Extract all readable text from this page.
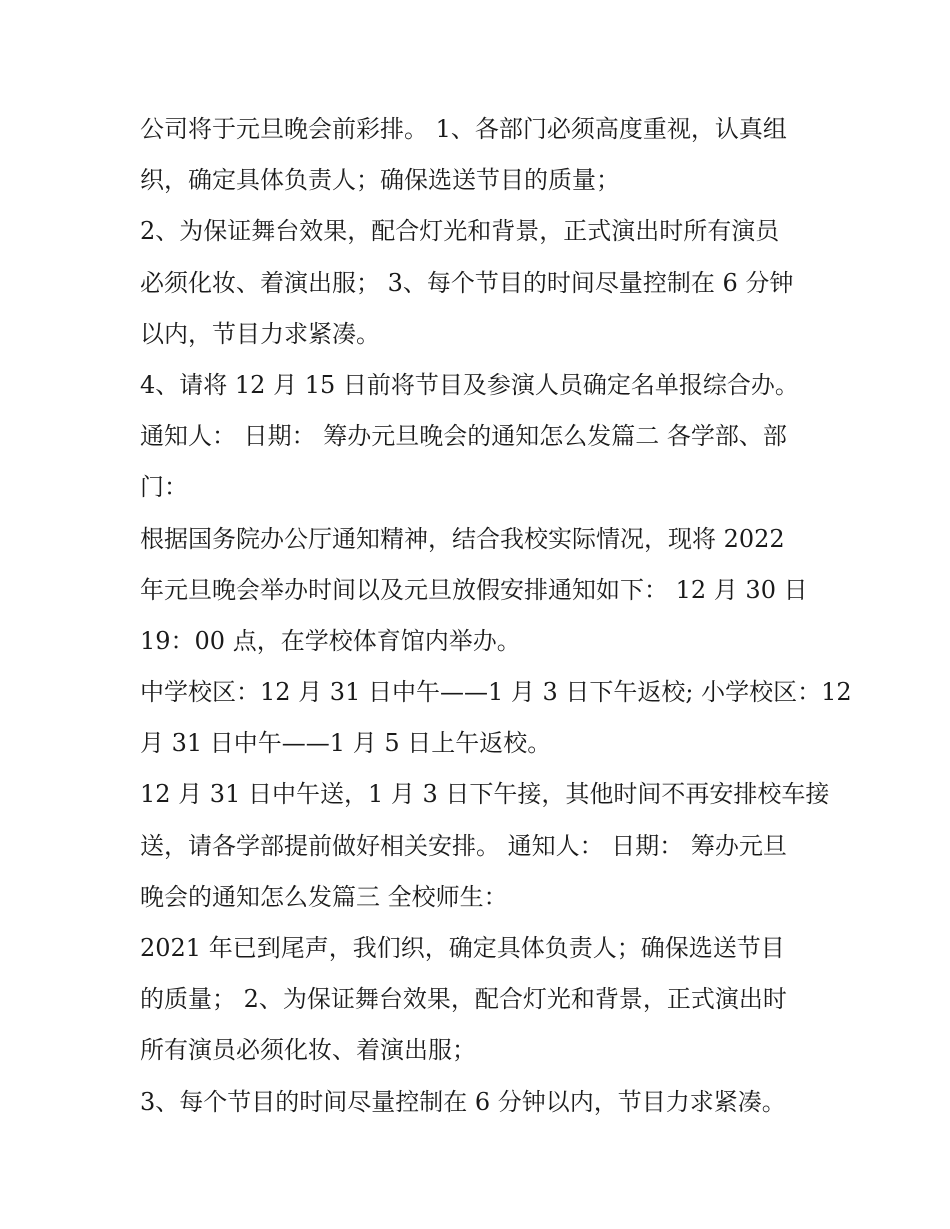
公司将于元旦晚会前彩排。 1、各部门必须高度重视，认真组

织，确定具体负责人；确保选送节目的质量；

2、为保证舞台效果，配合灯光和背景，正式演出时所有演员

必须化妆、着演出服； 3、每个节目的时间尽量控制在 6 分钟

以内，节目力求紧凑。

4、请将 12 月 15 日前将节目及参演人员确定名单报综合办。

通知人： 日期： 筹办元旦晚会的通知怎么发篇二 各学部、部

门：

根据国务院办公厅通知精神，结合我校实际情况，现将 2022

年元旦晚会举办时间以及元旦放假安排通知如下： 12 月 30 日

19：00 点，在学校体育馆内举办。

中学校区：12 月 31 日中午——1 月 3 日下午返校; 小学校区：12

月 31 日中午——1 月 5 日上午返校。

12 月 31 日中午送，1 月 3 日下午接，其他时间不再安排校车接

送，请各学部提前做好相关安排。 通知人： 日期： 筹办元旦

晚会的通知怎么发篇三 全校师生：

2021 年已到尾声，我们织，确定具体负责人；确保选送节目

的质量； 2、为保证舞台效果，配合灯光和背景，正式演出时

所有演员必须化妆、着演出服；

3、每个节目的时间尽量控制在 6 分钟以内，节目力求紧凑。
